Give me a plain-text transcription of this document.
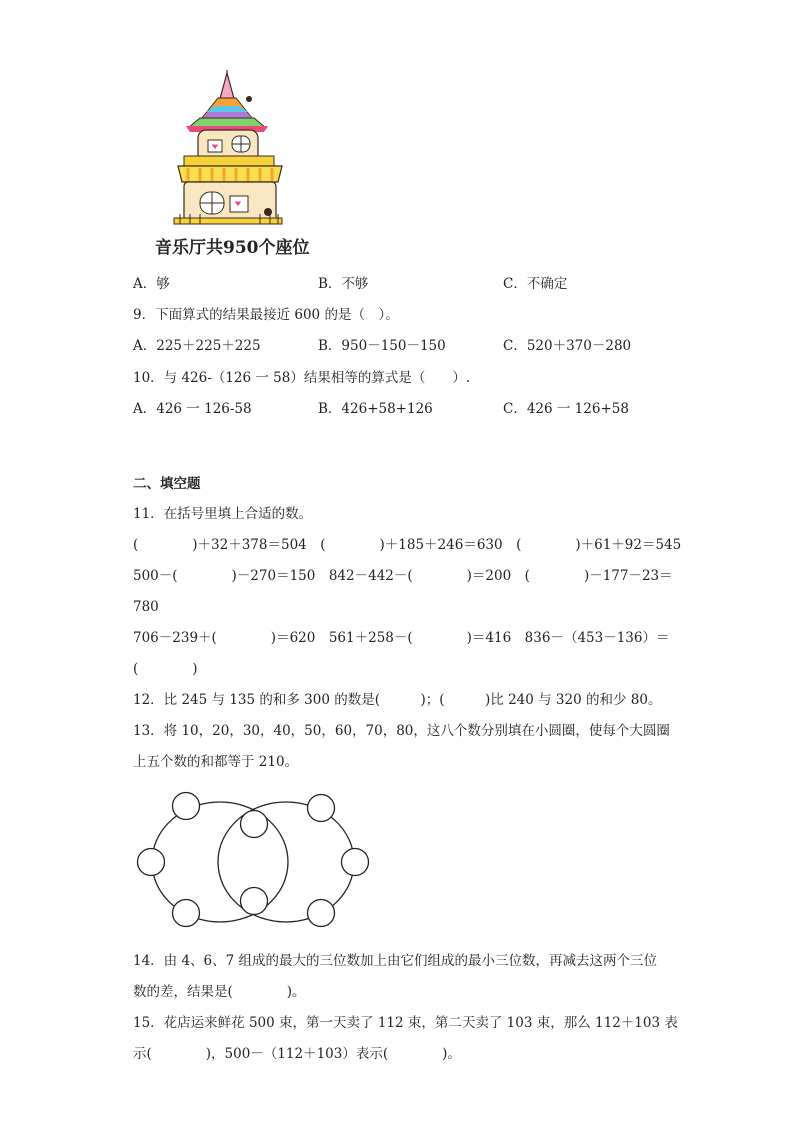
音乐厅共950个座位
A．够	B．不够	C．不确定
9．下面算式的结果最接近 600 的是（　）。
A．225＋225＋225	B．950－150－150	C．520＋370－280
10．与 426-（126 一 58）结果相等的算式是（　　）.
A．426 一 126-58	B．426+58+126	C．426 一 126+58
二、填空题
11．在括号里填上合适的数。
(　　　　)＋32＋378＝504　(　　　　)＋185＋246＝630　(　　　　)＋61＋92＝545
500－(　　　　)－270＝150　842－442－(　　　　)＝200　(　　　　)－177－23＝
780
706－239＋(　　　　)＝620　561＋258－(　　　　)＝416　836－（453－136）＝
(　　　　)
12．比 245 与 135 的和多 300 的数是(　　　)；(　　　)比 240 与 320 的和少 80。
13．将 10，20，30，40，50，60，70，80，这八个数分别填在小圆圈，使每个大圆圈
上五个数的和都等于 210。
14．由 4、6、7 组成的最大的三位数加上由它们组成的最小三位数，再减去这两个三位
数的差，结果是(　　　　)。
15．花店运来鲜花 500 束，第一天卖了 112 束，第二天卖了 103 束，那么 112＋103 表
示(　　　　)，500－（112＋103）表示(　　　　)。
